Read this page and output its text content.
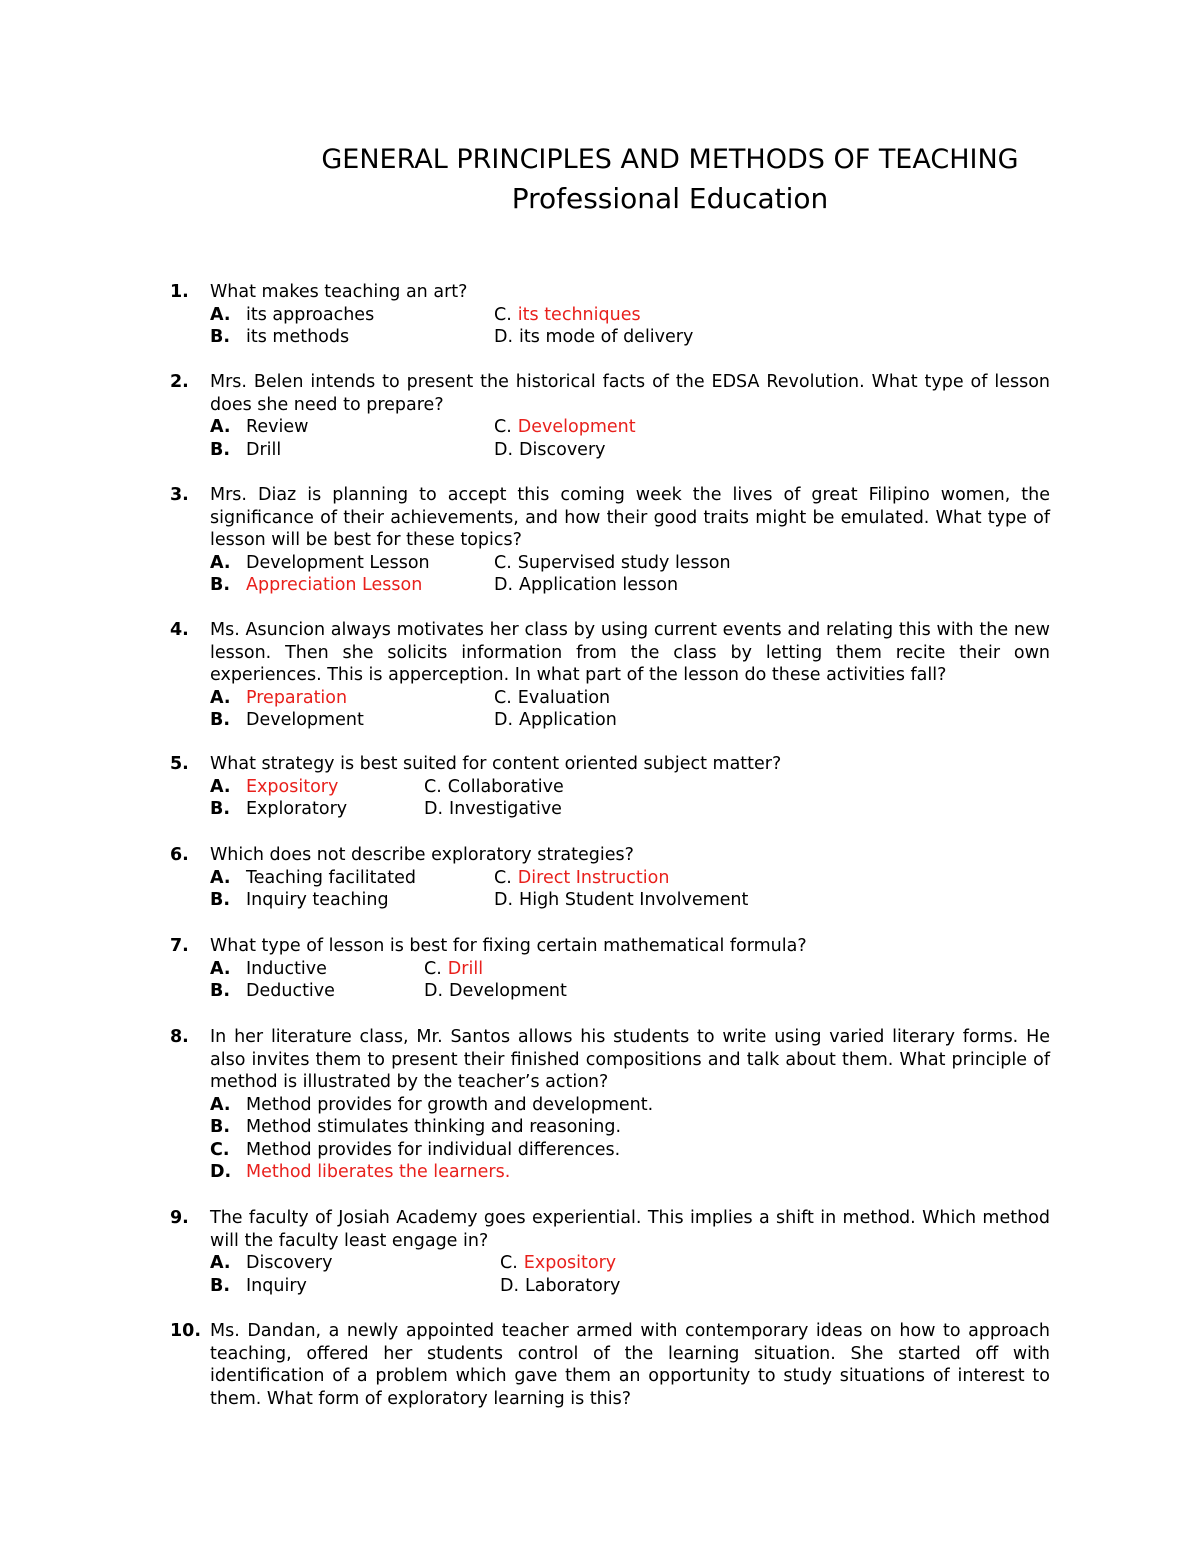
GENERAL PRINCIPLES AND METHODS OF TEACHING
Professional Education
1.	What makes teaching an art?
A. its approaches	C. its techniques
B. its methods	D. its mode of delivery
2.	Mrs. Belen intends to present the historical facts of the EDSA Revolution. What type of lesson does she need to prepare?
A. Review	C. Development
B. Drill	D. Discovery
3.	Mrs. Diaz is planning to accept this coming week the lives of great Filipino women, the significance of their achievements, and how their good traits might be emulated. What type of lesson will be best for these topics?
A. Development Lesson	C. Supervised study lesson
B. Appreciation Lesson	D. Application lesson
4.	Ms. Asuncion always motivates her class by using current events and relating this with the new lesson. Then she solicits information from the class by letting them recite their own experiences. This is apperception. In what part of the lesson do these activities fall?
A. Preparation	C. Evaluation
B. Development	D. Application
5.	What strategy is best suited for content oriented subject matter?
A. Expository	C. Collaborative
B. Exploratory	D. Investigative
6.	Which does not describe exploratory strategies?
A. Teaching facilitated	C. Direct Instruction
B. Inquiry teaching	D. High Student Involvement
7.	What type of lesson is best for fixing certain mathematical formula?
A. Inductive	C. Drill
B. Deductive	D. Development
8.	In her literature class, Mr. Santos allows his students to write using varied literary forms. He also invites them to present their finished compositions and talk about them. What principle of method is illustrated by the teacher’s action?
A. Method provides for growth and development.
B. Method stimulates thinking and reasoning.
C. Method provides for individual differences.
D. Method liberates the learners.
9.	The faculty of Josiah Academy goes experiential. This implies a shift in method. Which method will the faculty least engage in?
A. Discovery	C. Expository
B. Inquiry	D. Laboratory
10. Ms. Dandan, a newly appointed teacher armed with contemporary ideas on how to approach teaching, offered her students control of the learning situation. She started off with identification of a problem which gave them an opportunity to study situations of interest to them. What form of exploratory learning is this?
